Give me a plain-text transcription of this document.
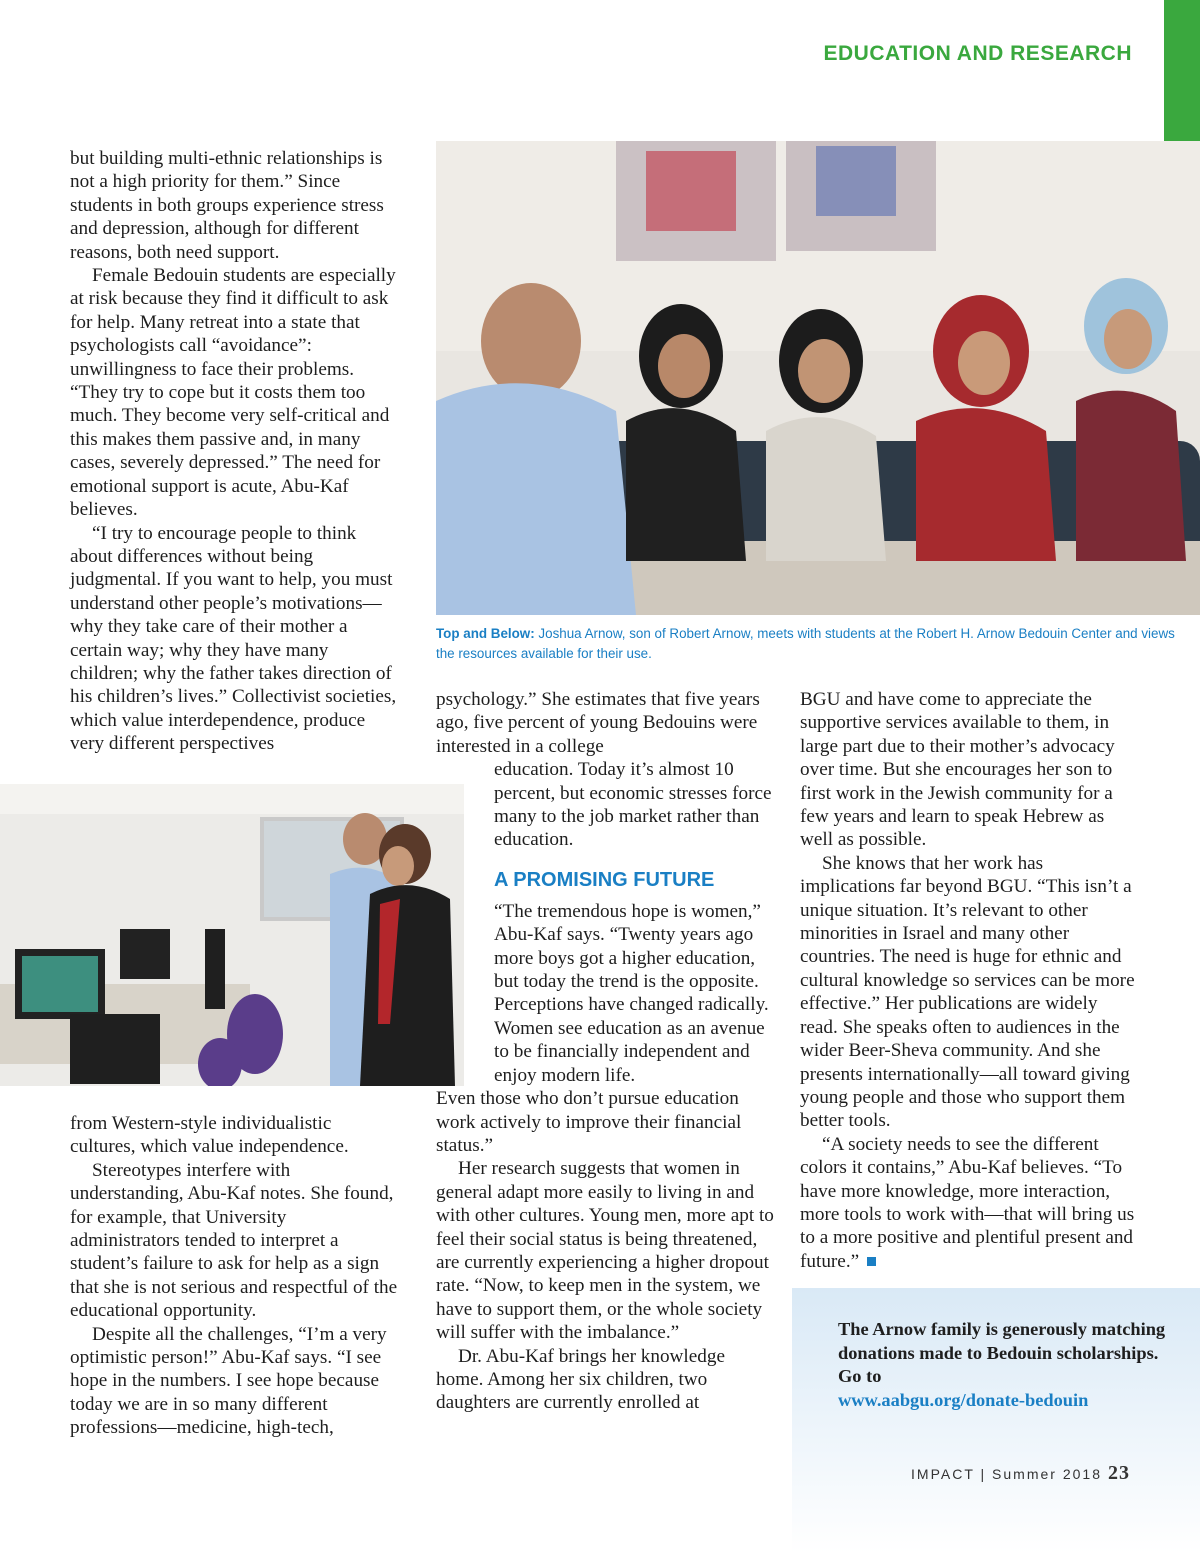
EDUCATION AND RESEARCH

but building multi-ethnic relationships is not a high priority for them.” Since students in both groups experience stress and depression, although for different reasons, both need support.

Female Bedouin students are especially at risk because they find it difficult to ask for help. Many retreat into a state that psychologists call “avoidance”: unwillingness to face their problems. “They try to cope but it costs them too much. They become very self-critical and this makes them passive and, in many cases, severely depressed.” The need for emotional support is acute, Abu-Kaf believes.

“I try to encourage people to think about differences without being judgmental. If you want to help, you must understand other people’s motivations—why they take care of their mother a certain way; why they have many children; why the father takes direction of his children’s lives.” Collectivist societies, which value interdependence, produce very different perspectives

Top and Below: Joshua Arnow, son of Robert Arnow, meets with students at the Robert H. Arnow Bedouin Center and views the resources available for their use.

from Western-style individualistic cultures, which value independence.

Stereotypes interfere with understanding, Abu-Kaf notes. She found, for example, that University administrators tended to interpret a student’s failure to ask for help as a sign that she is not serious and respectful of the educational opportunity.

Despite all the challenges, “I’m a very optimistic person!” Abu-Kaf says. “I see hope in the numbers. I see hope because today we are in so many different professions—medicine, high-tech,

psychology.” She estimates that five years ago, five percent of young Bedouins were interested in a college

education. Today it’s almost 10 percent, but economic stresses force many to the job market rather than education.

A PROMISING FUTURE

“The tremendous hope is women,” Abu-Kaf says. “Twenty years ago more boys got a higher education, but today the trend is the opposite. Perceptions have changed radically. Women see education as an avenue to be financially independent and enjoy modern life.

Even those who don’t pursue education work actively to improve their financial status.”

Her research suggests that women in general adapt more easily to living in and with other cultures. Young men, more apt to feel their social status is being threatened, are currently experiencing a higher dropout rate. “Now, to keep men in the system, we have to support them, or the whole society will suffer with the imbalance.”

Dr. Abu-Kaf brings her knowledge home. Among her six children, two daughters are currently enrolled at

BGU and have come to appreciate the supportive services available to them, in large part due to their mother’s advocacy over time. But she encourages her son to first work in the Jewish community for a few years and learn to speak Hebrew as well as possible.

She knows that her work has implications far beyond BGU. “This isn’t a unique situation. It’s relevant to other minorities in Israel and many other countries. The need is huge for ethnic and cultural knowledge so services can be more effective.” Her publications are widely read. She speaks often to audiences in the wider Beer-Sheva community. And she presents internationally—all toward giving young people and those who support them better tools.

“A society needs to see the different colors it contains,” Abu-Kaf believes. “To have more knowledge, more interaction, more tools to work with—that will bring us to a more positive and plentiful present and future.”

The Arnow family is generously matching donations made to Bedouin scholarships. Go to
www.aabgu.org/donate-bedouin
IMPACT | Summer 2018 23
